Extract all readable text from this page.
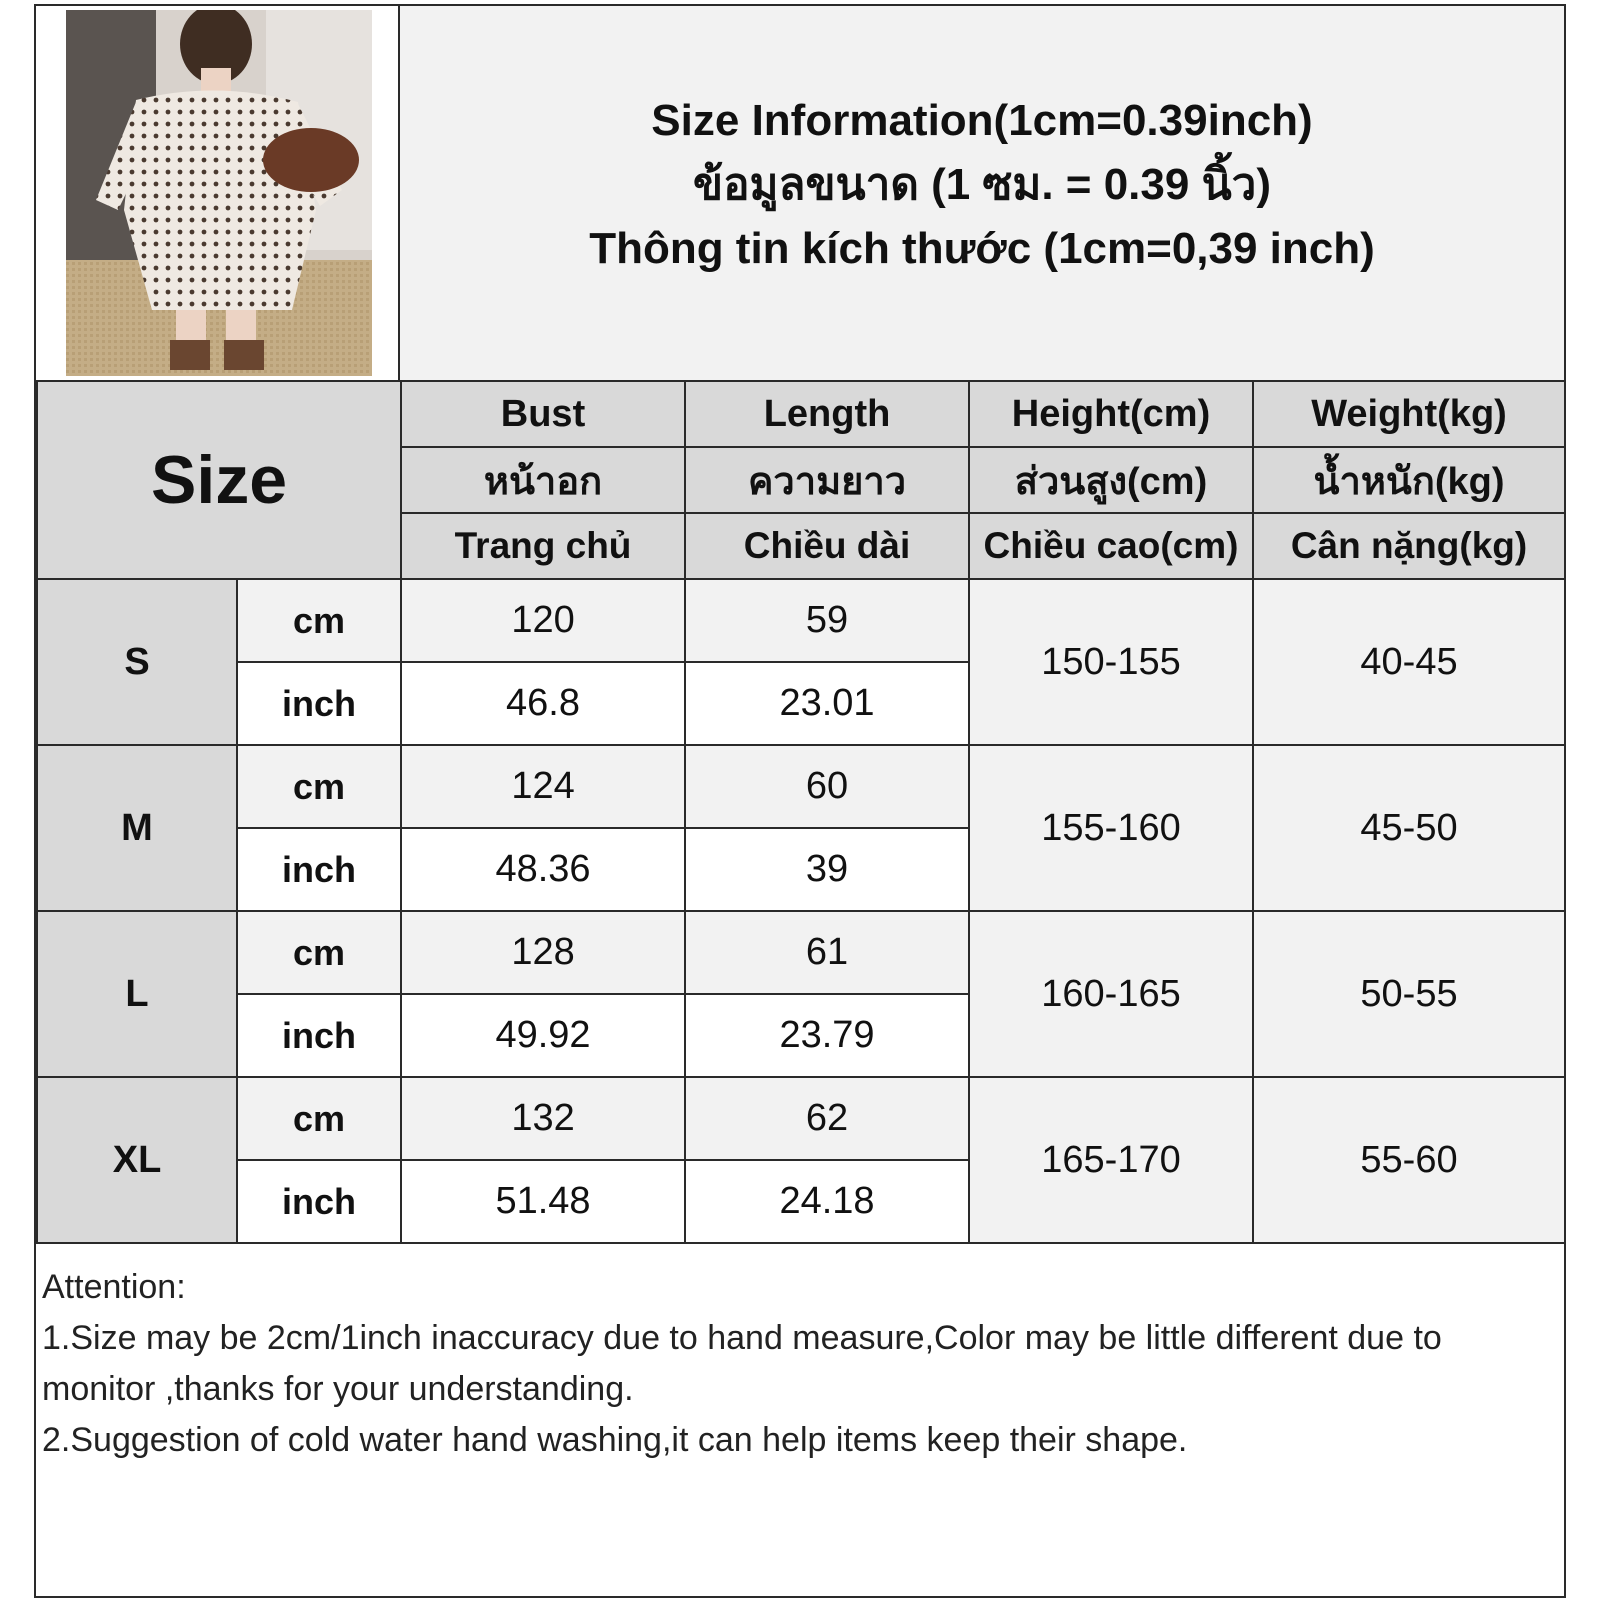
Size Information(1cm=0.39inch)
ข้อมูลขนาด (1 ซม. = 0.39 นิ้ว)
Thông tin kích thước (1cm=0,39 inch)
Size		Bust	Length	Height(cm)	Weight(kg)
		หน้าอก	ความยาว	ส่วนสูง(cm)	น้ำหนัก(kg)
		Trang chủ	Chiều dài	Chiều cao(cm)	Cân nặng(kg)
S	cm	120	59	150-155	40-45
	inch	46.8	23.01		
M	cm	124	60	155-160	45-50
	inch	48.36	39		
L	cm	128	61	160-165	50-55
	inch	49.92	23.79		
XL	cm	132	62	165-170	55-60
	inch	51.48	24.18		
Attention:
1.Size may be 2cm/1inch inaccuracy due to hand measure,Color may be little different due to monitor ,thanks for your understanding.
2.Suggestion of cold water hand washing,it can help items keep their shape.
